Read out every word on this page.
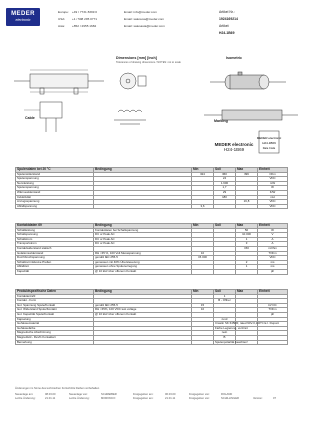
MEDER
electronic
Europe:
USA:
Asia:
+49 / 7731 8399 0
+1 / 508 295 0771
+852 / 2955 1682
Email: info@meder.com
Email: salesusa@meder.com
Email: salesasia@meder.com
Artikel Nr.:
1924169214
Artikel:
H24-1B69
Dimensions [mm] [inch]
Tolerances of drawing dimensions / NOTES: not to scale
Isometric
Cable
Marking
MEDER electronic
H24-1B69
MEDER electronic
H24-1B69
Date Code
Spulendaten bei 20 °C	Bedingung	Min	Soll	Max	Einheit
Spulenwiderstand		324	360	396	Ohm
Spulenspannung			24		VDC
Nennleistung			1.600		mW
Spulenspannung			1,7		W
Wärmewiderstand			29		K/W
Induktivität			180		mH
Anzugsspannung				16,8	VDC
Abfallspannung		3,6			VDC
Kontaktdaten 69	Bedingung	Min	Soll	Max	Einheit
Schaltleistung	Kontaktdaten bei Schaltspannung			50	W
Schaltspannung	DC or Peak AC			10.000	V
Schaltstrom	DC or Peak AC			1	A
Transportstrom	DC or Peak AC			3	A
Kontaktwiderstand statisch				150	mOhm
Isolationswiderstand	RH <45 %, 100 Volt Messspannung	10			TOhm
Durchbruchspannung	gemäß IEC 255-5	15.000			VDC
Schaltzeit inklusive Prellen	gemessen mit 40% Übersteuerung			2	ms
Abfallzeit	gemessen ohne Spulenerregung			1	ms
Kapazität	@ 10 kHz über offenem Kontakt				pF
Produktspezifische Daten	Bedingung	Min	Soll	Max	Einheit
Kontaktanzahl			1		
Kontakt - Form			B - Öffner		
Isol. Spannung Spule/Kontakt	gemäß IEC 255-5	15			kV DC
Isol. Widerstand Spule/Kontakt	RH <45%, 100 VDC test voltage	10			TOhm
Isol. Kapazität Spule/Kontakt	@ 10 kHz über offenem Kontakt				pF
Kapselung			rund		
Gehäusematerial			Crastin SK 645FR, rated 94V-0,140°C E.I. Dupont		
Gehäusefarbe			Farbe Legierung, verzinnt		
Magnetische Abschirmung			nein		
Magnetfeld - Rev% Kontaktart			B		
Bemerkung			Spulenpolarität beachten!		
Änderungen im Sinne des technischen Fortschritts bleiben vorbehalten
Neuanlage am:	08.03.00	Neuanlage von:	SCHREIBER	Freigegeben am:	06.03.00	Freigegeben von:	ROLAND
Letzte Änderung:	21.01.11	Letzte Änderung:	MORONCO	Freigegeben am:	21.01.11	Freigegeben von:	SCHILLINGER	Version:	07
